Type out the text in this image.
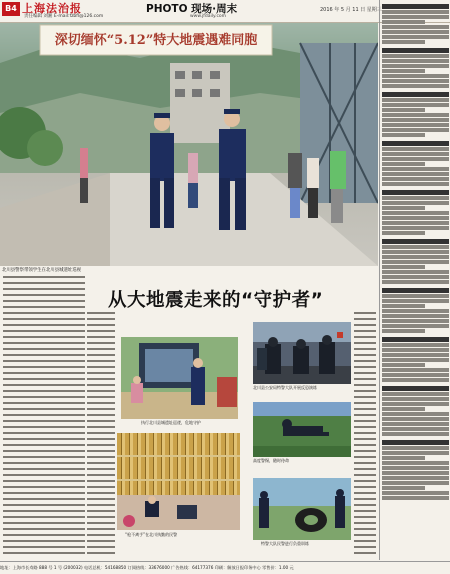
B4 上海法治报
责任编辑 刘湘 E-mail:fzbfl@126.com
PHOTO 现场·周末
www.jfdaily.com
2016 年 5 月 11 日 星期三
深切缅怀“5.12”特大地震遇难同胞
北川县警察带领学生在北川县城遗址巡视
从大地震走来的“守护者”
执行北川县城遗址巡逻，危地守护
北川县公安局特警大队开展反恐演练
高度警惕，随时待命
“枪不离手”在北川执勤的民警
特警大队民警进行负重训练
地址：上海市长寿路 888 号 1 号 (200032) 电话总机：54168850 订阅热线：33676000 广告热线：64177376 印刷：解放日报印务中心 零售价：1.00 元
